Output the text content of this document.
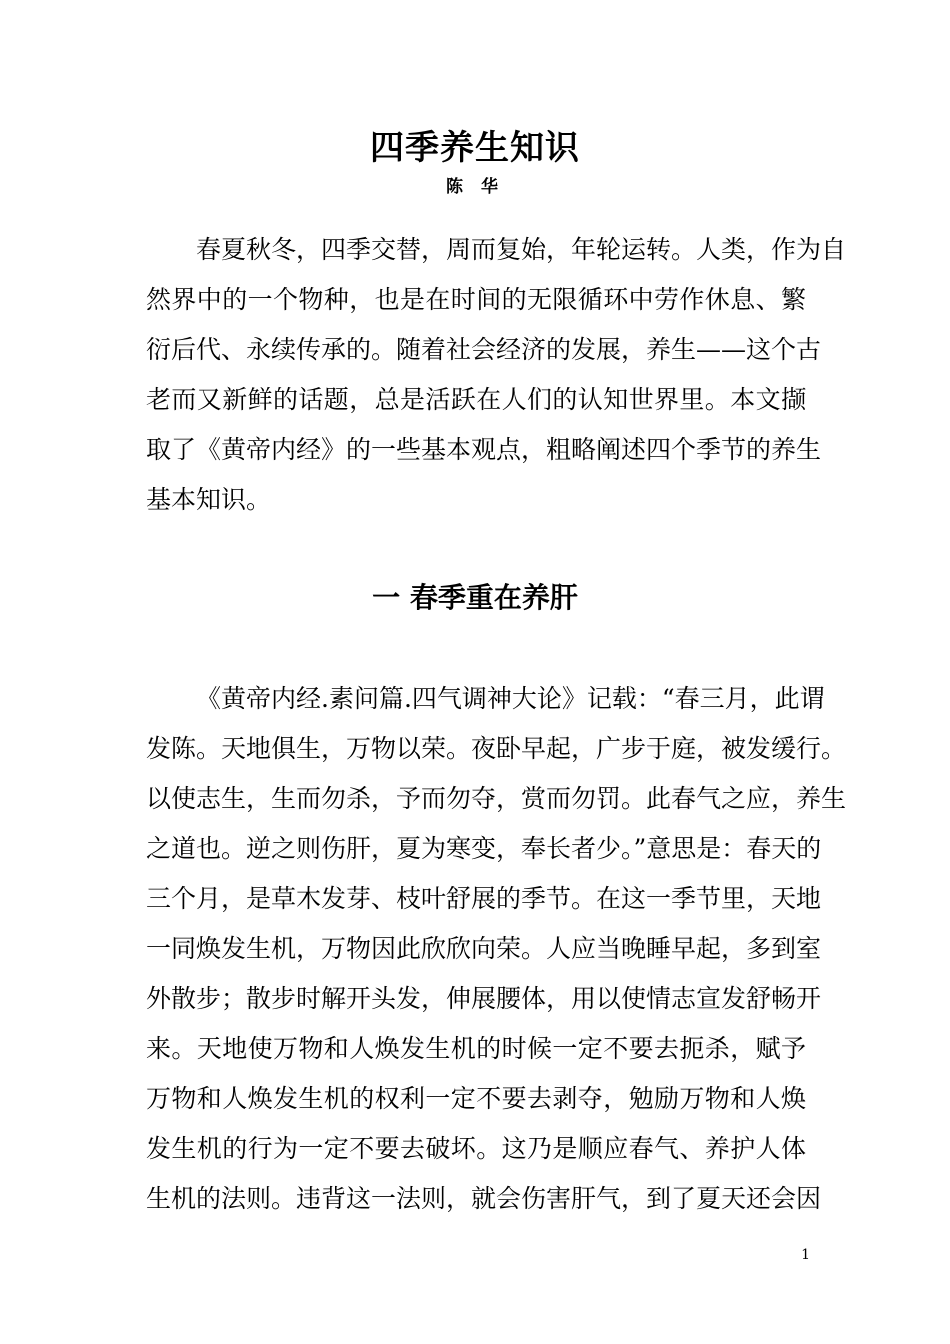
四季养生知识
陈 华
春夏秋冬，四季交替，周而复始，年轮运转。人类，作为自
然界中的一个物种，也是在时间的无限循环中劳作休息、繁
衍后代、永续传承的。随着社会经济的发展，养生——这个古
老而又新鲜的话题，总是活跃在人们的认知世界里。本文撷
取了《黄帝内经》的一些基本观点，粗略阐述四个季节的养生
基本知识。
一 春季重在养肝
《黄帝内经.素问篇.四气调神大论》记载：“春三月，此谓
发陈。天地俱生，万物以荣。夜卧早起，广步于庭，被发缓行。
以使志生，生而勿杀，予而勿夺，赏而勿罚。此春气之应，养生
之道也。逆之则伤肝，夏为寒变，奉长者少。”意思是：春天的
三个月，是草木发芽、枝叶舒展的季节。在这一季节里，天地
一同焕发生机，万物因此欣欣向荣。人应当晚睡早起，多到室
外散步；散步时解开头发，伸展腰体，用以使情志宣发舒畅开
来。天地使万物和人焕发生机的时候一定不要去扼杀，赋予
万物和人焕发生机的权利一定不要去剥夺，勉励万物和人焕
发生机的行为一定不要去破坏。这乃是顺应春气、养护人体
生机的法则。违背这一法则，就会伤害肝气，到了夏天还会因
1
